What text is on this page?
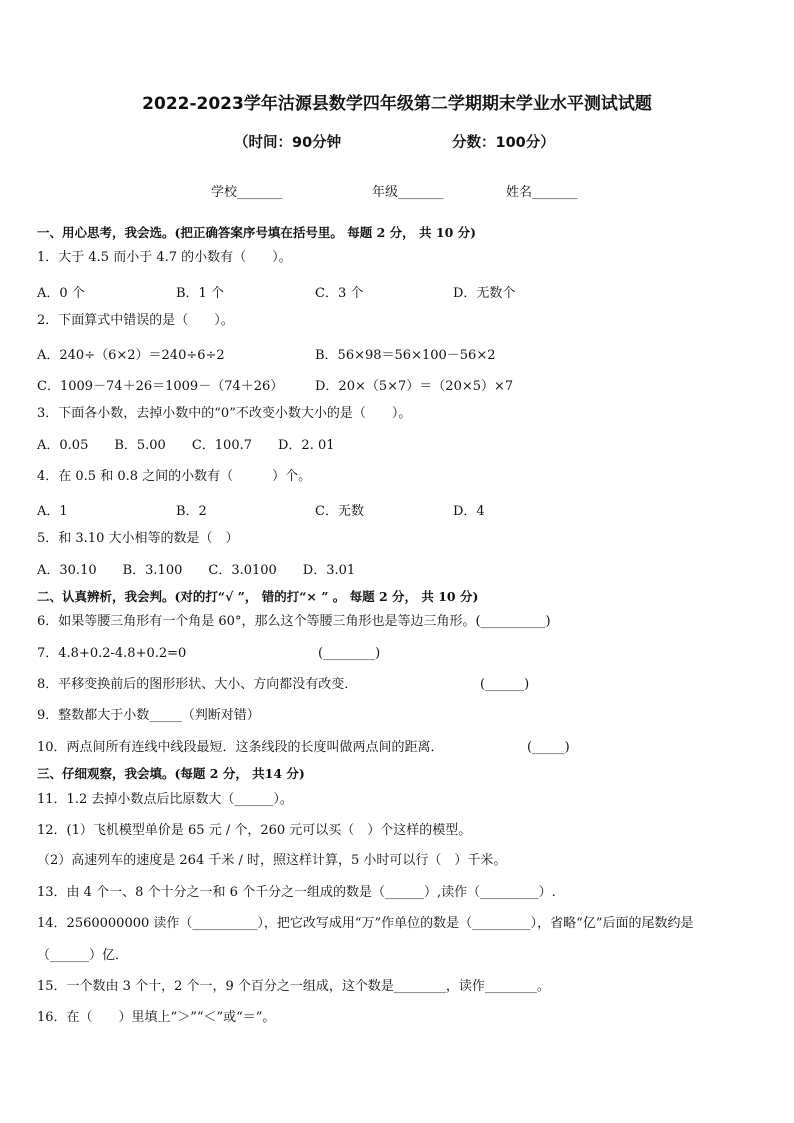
2022-2023学年沽源县数学四年级第二学期期末学业水平测试试题
（时间：90分钟	分数：100分）
学校_______	年级_______	姓名_______
一、用心思考，我会选。(把正确答案序号填在括号里。 每题 2 分， 共 10 分)
1．大于 4.5 而小于 4.7 的小数有（　　）。
A．0 个	B．1 个	C．3 个	D．无数个
2．下面算式中错误的是（　　）。
A．240÷（6×2）＝240÷6÷2	B．56×98＝56×100－56×2
C．1009－74＋26＝1009－（74＋26） D．20×（5×7）＝（20×5）×7
3．下面各小数，去掉小数中的“0”不改变小数大小的是（　　）。
A．0.05　　B．5.00　　C．100.7　　D．2. 01
4．在 0.5 和 0.8 之间的小数有（　　　）个。
A．1	B．2	C．无数	D．4
5．和 3.10 大小相等的数是（　）
A．30.10　　B．3.100　　C．3.0100　　D．3.01
二、认真辨析，我会判。(对的打“√ ”， 错的打“× ” 。 每题 2 分， 共 10 分)
6．如果等腰三角形有一个角是 60°，那么这个等腰三角形也是等边三角形。(__________)
7．4.8+0.2-4.8+0.2=0	(________)
8．平移变换前后的图形形状、大小、方向都没有改变．	(______)
9．整数都大于小数_____（判断对错）
10．两点间所有连线中线段最短．这条线段的长度叫做两点间的距离．	(_____)
三、仔细观察，我会填。(每题 2 分， 共14 分)
11．1.2 去掉小数点后比原数大（______）。
12．(1）飞机模型单价是 65 元 / 个，260 元可以买（　）个这样的模型。
（2）高速列车的速度是 264 千米 / 时，照这样计算，5 小时可以行（　）千米。
13．由 4 个一、8 个十分之一和 6 个千分之一组成的数是（______）,读作（_________）.
14．2560000000 读作（__________），把它改写成用“万”作单位的数是（_________），省略“亿”后面的尾数约是
（______）亿．
15．一个数由 3 个十，2 个一，9 个百分之一组成，这个数是________，读作________。
16．在（　　）里填上“＞”“＜”或“＝”。
